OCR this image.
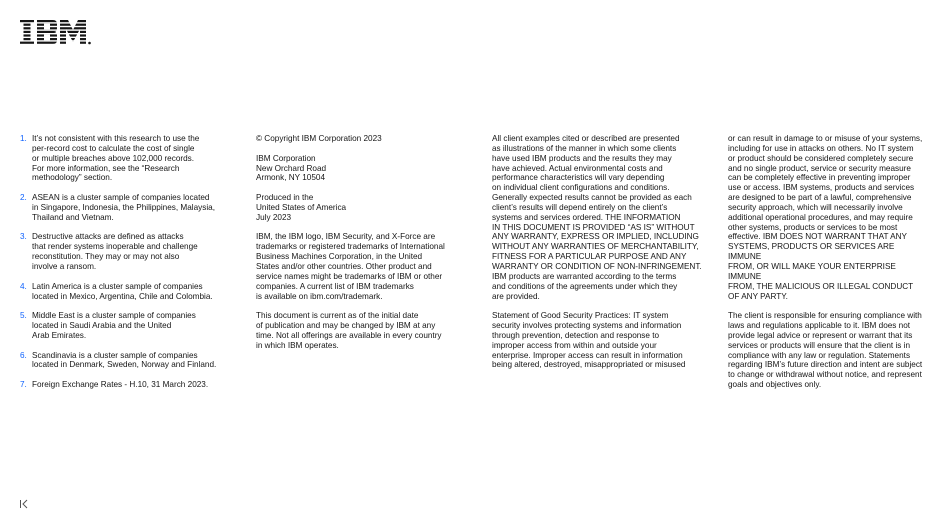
1. It’s not consistent with this research to use the
per-record cost to calculate the cost of single
or multiple breaches above 102,000 records.
For more information, see the “Research
methodology” section.
2. ASEAN is a cluster sample of companies located
in Singapore, Indonesia, the Philippines, Malaysia,
Thailand and Vietnam.
3. Destructive attacks are defined as attacks
that render systems inoperable and challenge
reconstitution. They may or may not also
involve a ransom.
4. Latin America is a cluster sample of companies
located in Mexico, Argentina, Chile and Colombia.
5. Middle East is a cluster sample of companies
located in Saudi Arabia and the United
Arab Emirates.
6. Scandinavia is a cluster sample of companies
located in Denmark, Sweden, Norway and Finland.
7. Foreign Exchange Rates - H.10, 31 March 2023.

© Copyright IBM Corporation 2023

IBM Corporation
New Orchard Road
Armonk, NY 10504

Produced in the
United States of America
July 2023

IBM, the IBM logo, IBM Security, and X-Force are
trademarks or registered trademarks of International
Business Machines Corporation, in the United
States and/or other countries. Other product and
service names might be trademarks of IBM or other
companies. A current list of IBM trademarks
is available on ibm.com/trademark.

This document is current as of the initial date
of publication and may be changed by IBM at any
time. Not all offerings are available in every country
in which IBM operates.

All client examples cited or described are presented
as illustrations of the manner in which some clients
have used IBM products and the results they may
have achieved. Actual environmental costs and
performance characteristics will vary depending
on individual client configurations and conditions.
Generally expected results cannot be provided as each
client’s results will depend entirely on the client’s
systems and services ordered. THE INFORMATION
IN THIS DOCUMENT IS PROVIDED “AS IS” WITHOUT
ANY WARRANTY, EXPRESS OR IMPLIED, INCLUDING
WITHOUT ANY WARRANTIES OF MERCHANTABILITY,
FITNESS FOR A PARTICULAR PURPOSE AND ANY
WARRANTY OR CONDITION OF NON-INFRINGEMENT.
IBM products are warranted according to the terms
and conditions of the agreements under which they
are provided.

Statement of Good Security Practices: IT system
security involves protecting systems and information
through prevention, detection and response to
improper access from within and outside your
enterprise. Improper access can result in information
being altered, destroyed, misappropriated or misused

or can result in damage to or misuse of your systems,
including for use in attacks on others. No IT system
or product should be considered completely secure
and no single product, service or security measure
can be completely effective in preventing improper
use or access. IBM systems, products and services
are designed to be part of a lawful, comprehensive
security approach, which will necessarily involve
additional operational procedures, and may require
other systems, products or services to be most
effective. IBM DOES NOT WARRANT THAT ANY
SYSTEMS, PRODUCTS OR SERVICES ARE IMMUNE
FROM, OR WILL MAKE YOUR ENTERPRISE IMMUNE
FROM, THE MALICIOUS OR ILLEGAL CONDUCT
OF ANY PARTY.

The client is responsible for ensuring compliance with
laws and regulations applicable to it. IBM does not
provide legal advice or represent or warrant that its
services or products will ensure that the client is in
compliance with any law or regulation. Statements
regarding IBM’s future direction and intent are subject
to change or withdrawal without notice, and represent
goals and objectives only.
